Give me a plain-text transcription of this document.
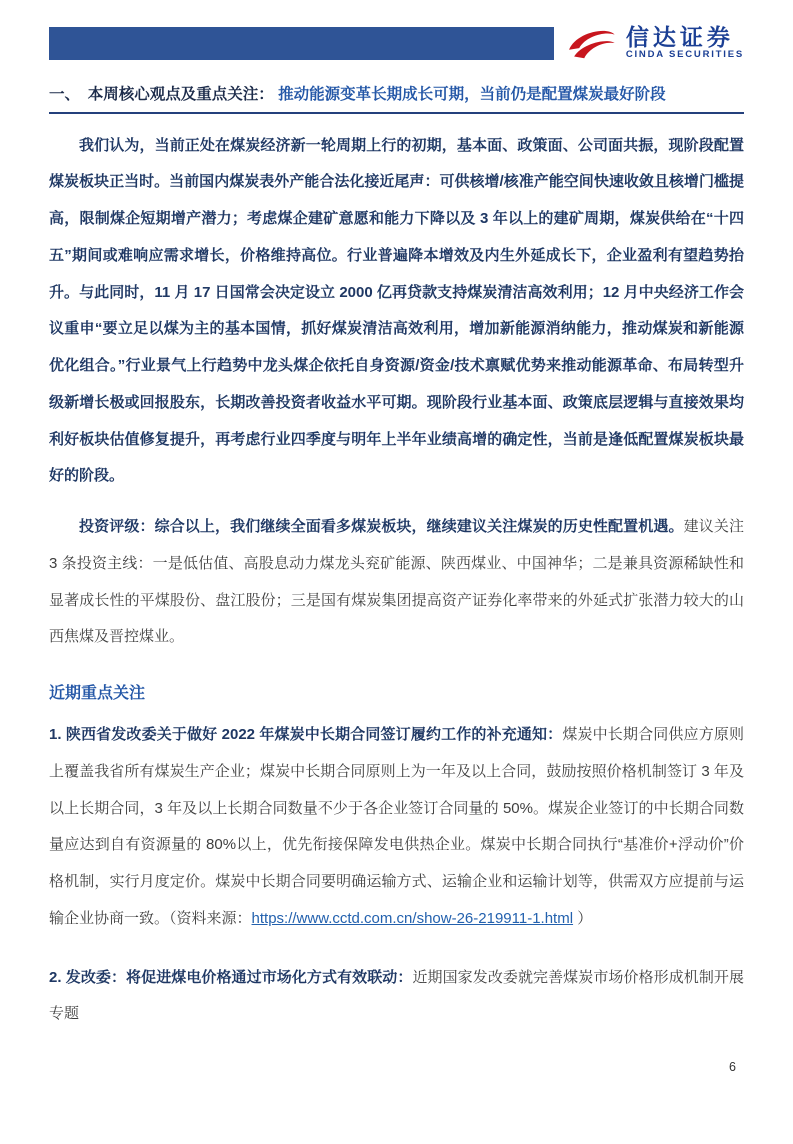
信达证券
CINDA SECURITIES
一、　本周核心观点及重点关注： 推动能源变革长期成长可期，当前仍是配置煤炭最好阶段

我们认为，当前正处在煤炭经济新一轮周期上行的初期，基本面、政策面、公司面共振，现阶段配置煤炭板块正当时。当前国内煤炭表外产能合法化接近尾声：可供核增/核准产能空间快速收敛且核增门槛提高，限制煤企短期增产潜力；考虑煤企建矿意愿和能力下降以及 3 年以上的建矿周期，煤炭供给在“十四五”期间或难响应需求增长，价格维持高位。行业普遍降本增效及内生外延成长下，企业盈利有望趋势抬升。与此同时，11 月 17 日国常会决定设立 2000 亿再贷款支持煤炭清洁高效利用；12 月中央经济工作会议重申“要立足以煤为主的基本国情，抓好煤炭清洁高效利用，增加新能源消纳能力，推动煤炭和新能源优化组合。”行业景气上行趋势中龙头煤企依托自身资源/资金/技术禀赋优势来推动能源革命、布局转型升级新增长极或回报股东，长期改善投资者收益水平可期。现阶段行业基本面、政策底层逻辑与直接效果均利好板块估值修复提升，再考虑行业四季度与明年上半年业绩高增的确定性，当前是逢低配置煤炭板块最好的阶段。

投资评级：综合以上，我们继续全面看多煤炭板块，继续建议关注煤炭的历史性配置机遇。建议关注 3 条投资主线：一是低估值、高股息动力煤龙头兖矿能源、陕西煤业、中国神华；二是兼具资源稀缺性和显著成长性的平煤股份、盘江股份；三是国有煤炭集团提高资产证券化率带来的外延式扩张潜力较大的山西焦煤及晋控煤业。

近期重点关注

1. 陕西省发改委关于做好 2022 年煤炭中长期合同签订履约工作的补充通知：煤炭中长期合同供应方原则上覆盖我省所有煤炭生产企业；煤炭中长期合同原则上为一年及以上合同，鼓励按照价格机制签订 3 年及以上长期合同，3 年及以上长期合同数量不少于各企业签订合同量的 50%。煤炭企业签订的中长期合同数量应达到自有资源量的 80%以上，优先衔接保障发电供热企业。煤炭中长期合同执行“基准价+浮动价”价格机制，实行月度定价。煤炭中长期合同要明确运输方式、运输企业和运输计划等，供需双方应提前与运输企业协商一致。（资料来源：https://www.cctd.com.cn/show-26-219911-1.html ）

2. 发改委：将促进煤电价格通过市场化方式有效联动：近期国家发改委就完善煤炭市场价格形成机制开展专题

6
